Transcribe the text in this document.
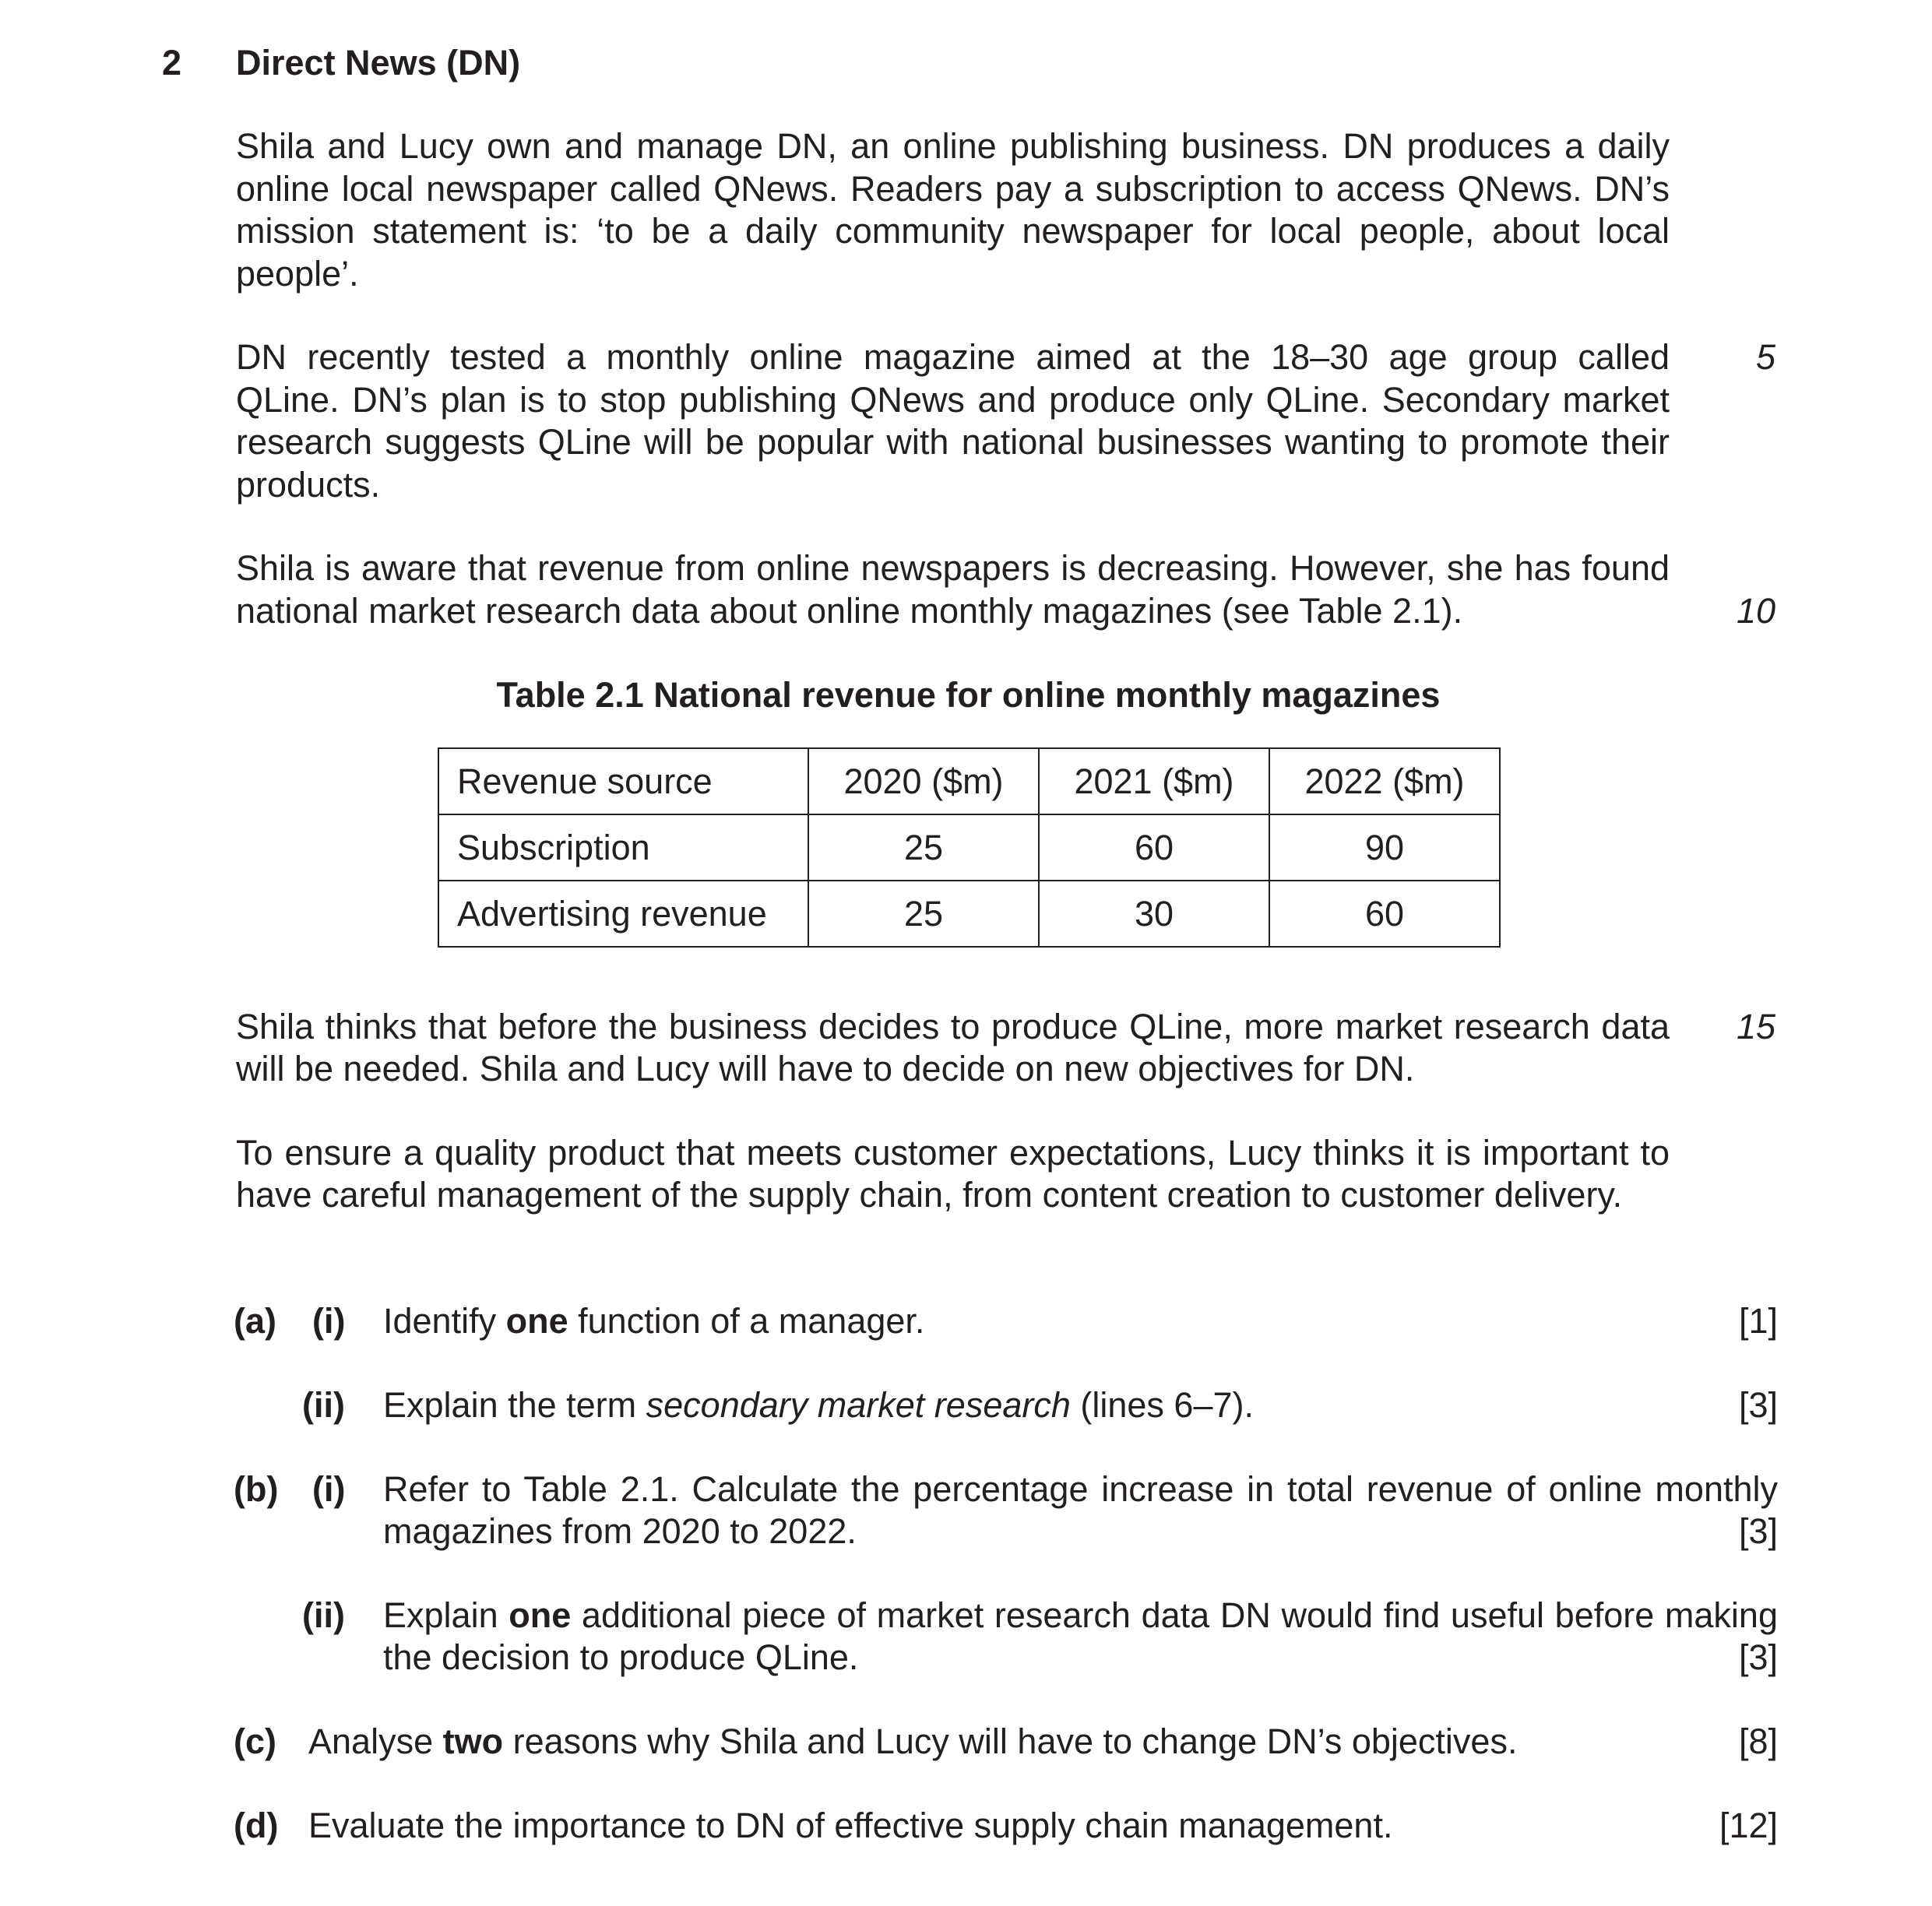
2 Direct News (DN)
Shila and Lucy own and manage DN, an online publishing business. DN produces a daily
online local newspaper called QNews. Readers pay a subscription to access QNews. DN’s
mission statement is: ‘to be a daily community newspaper for local people, about local
people’.
DN recently tested a monthly online magazine aimed at the 18–30 age group called
QLine. DN’s plan is to stop publishing QNews and produce only QLine. Secondary market
research suggests QLine will be popular with national businesses wanting to promote their
products.
5
Shila is aware that revenue from online newspapers is decreasing. However, she has found
national market research data about online monthly magazines (see Table 2.1).	10
Table 2.1 National revenue for online monthly magazines
Revenue source	2020 ($m)	2021 ($m)	2022 ($m)
Subscription	25	60	90
Advertising revenue	25	30	60
Shila thinks that before the business decides to produce QLine, more market research data
will be needed. Shila and Lucy will have to decide on new objectives for DN.
15
To ensure a quality product that meets customer expectations, Lucy thinks it is important to
have careful management of the supply chain, from content creation to customer delivery.
(a) (i) Identify one function of a manager.	[1]
(ii) Explain the term secondary market research (lines 6–7).	[3]
(b) (i) Refer to Table 2.1. Calculate the percentage increase in total revenue of online monthly
magazines from 2020 to 2022.	[3]
(ii) Explain one additional piece of market research data DN would find useful before making
the decision to produce QLine.	[3]
(c) Analyse two reasons why Shila and Lucy will have to change DN’s objectives.	[8]
(d) Evaluate the importance to DN of effective supply chain management.	[12]
